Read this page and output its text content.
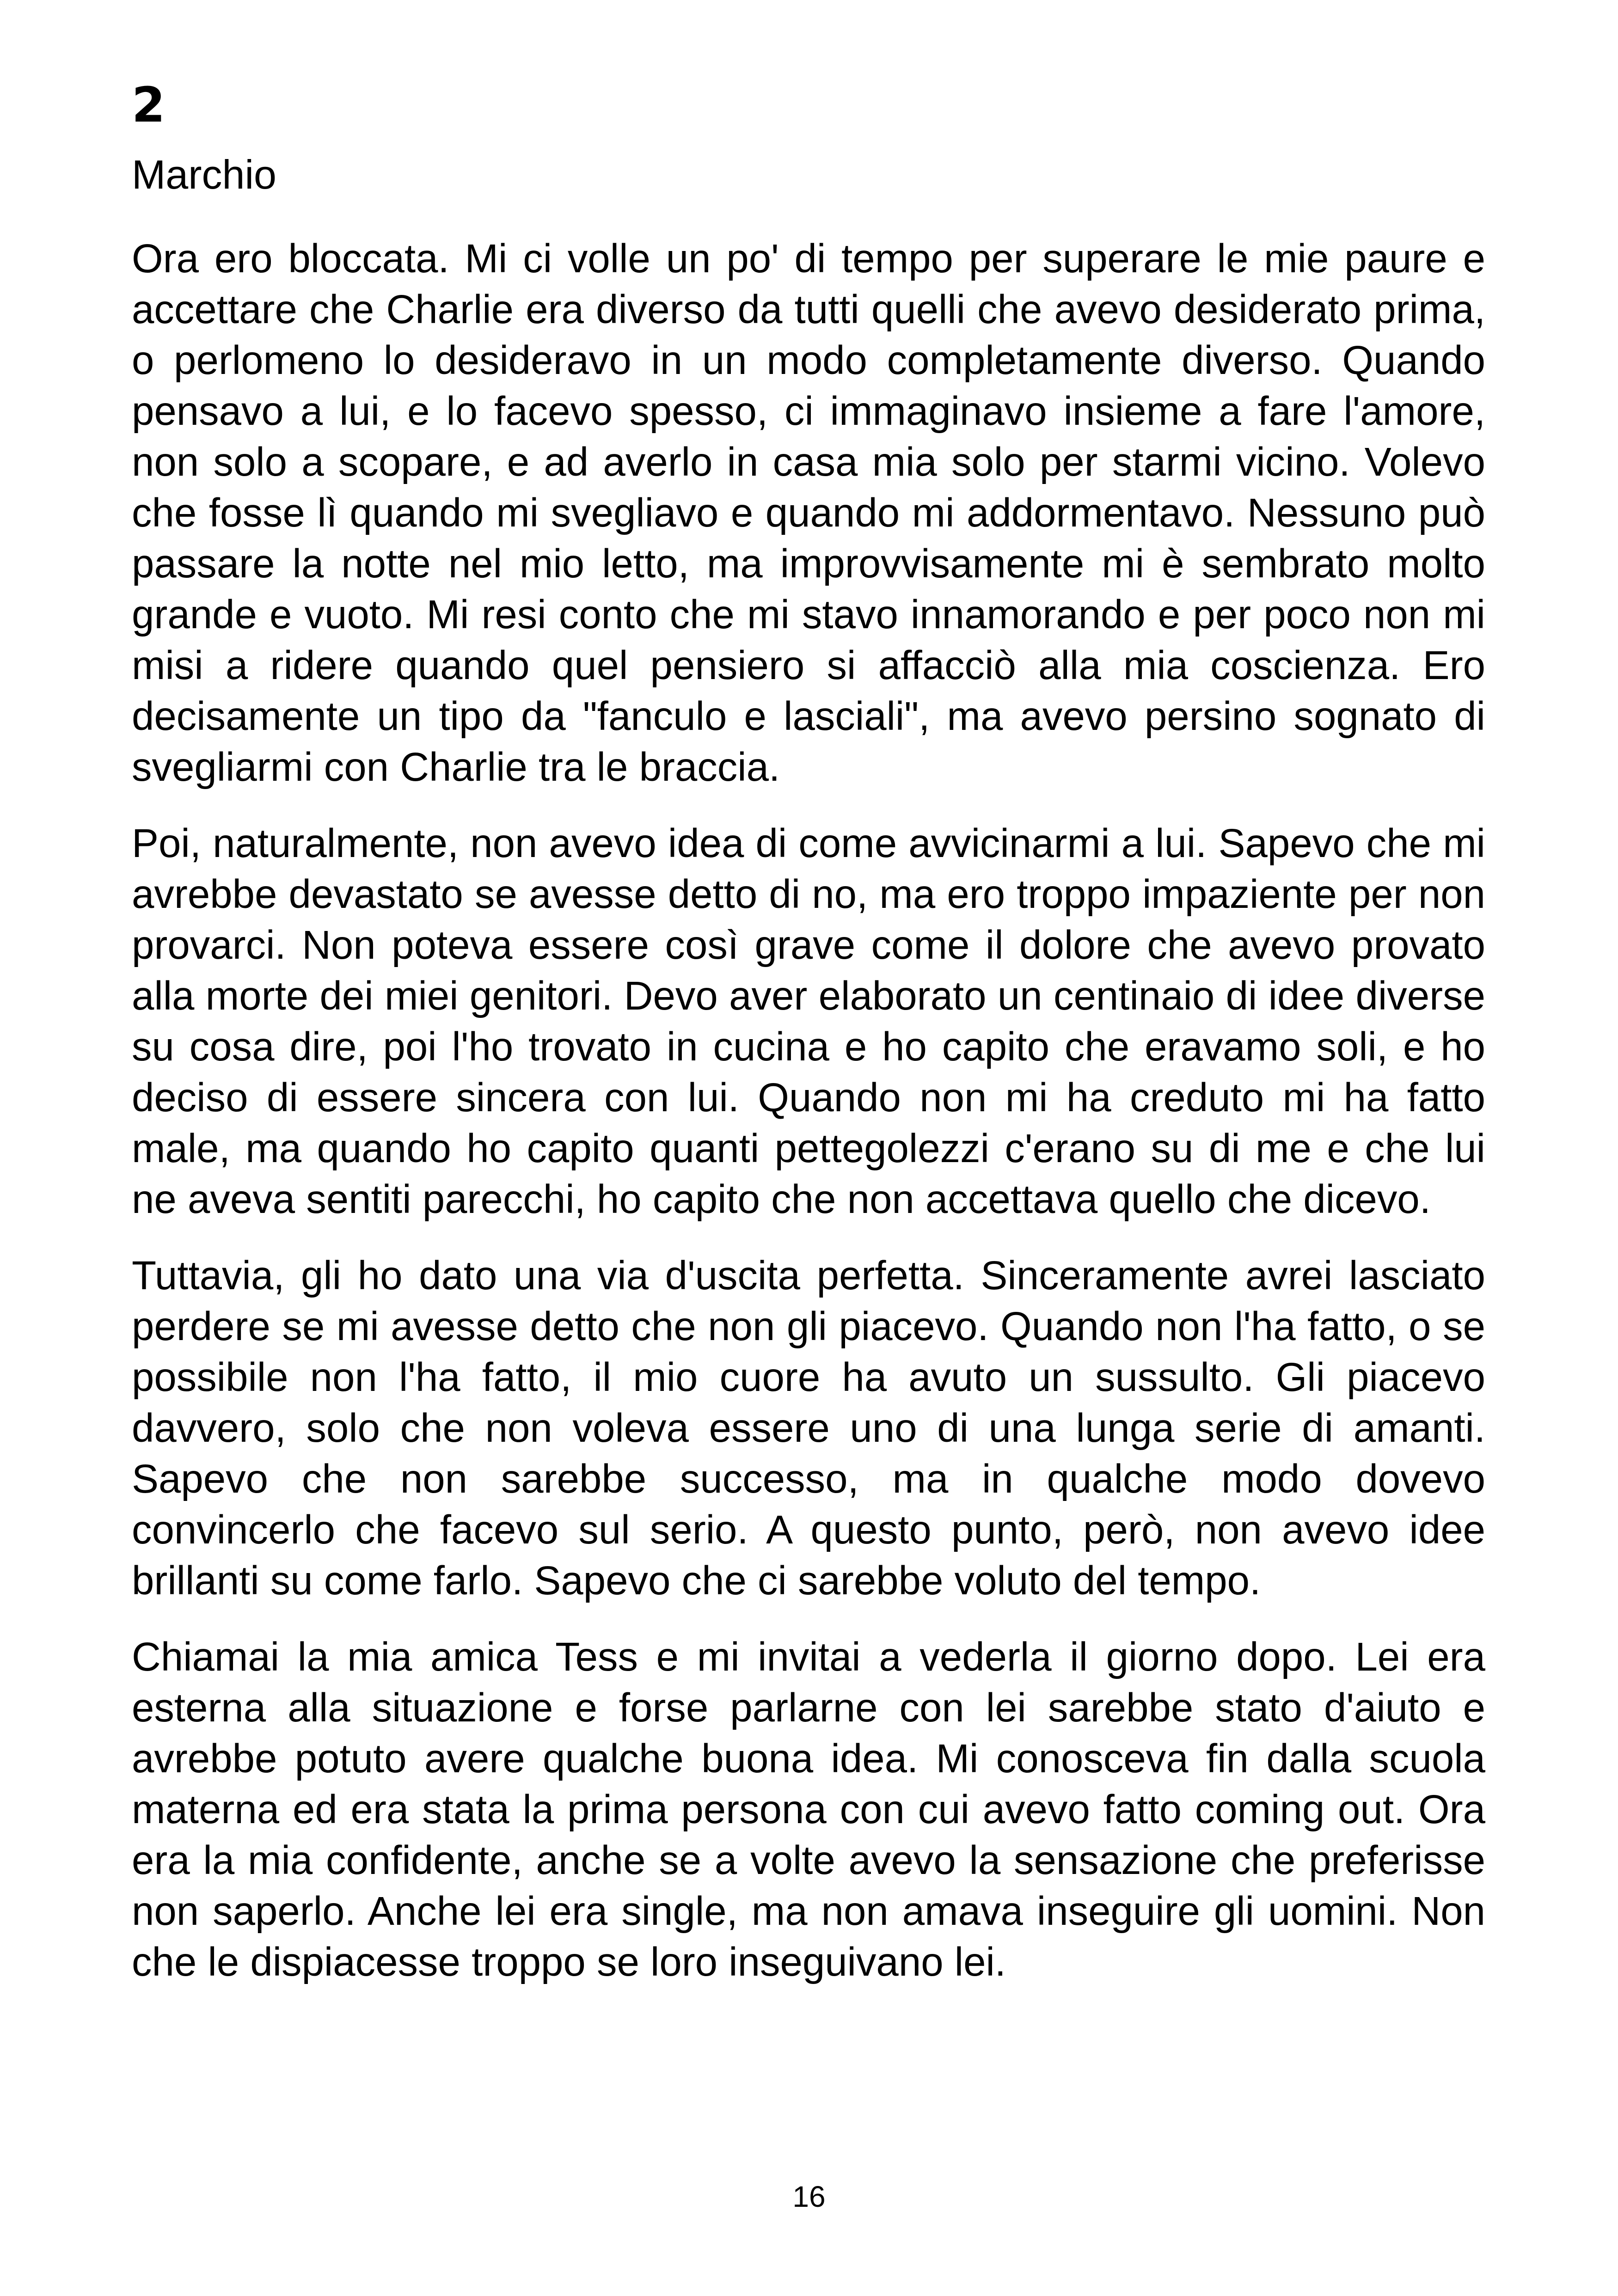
2
Marchio

Ora ero bloccata. Mi ci volle un po' di tempo per superare le mie paure e accettare che Charlie era diverso da tutti quelli che avevo desiderato prima, o perlomeno lo desideravo in un modo completamente diverso. Quando pensavo a lui, e lo facevo spesso, ci immaginavo insieme a fare l'amore, non solo a scopare, e ad averlo in casa mia solo per starmi vicino. Volevo che fosse lì quando mi svegliavo e quando mi addormentavo. Nessuno può passare la notte nel mio letto, ma improvvisamente mi è sembrato molto grande e vuoto. Mi resi conto che mi stavo innamorando e per poco non mi misi a ridere quando quel pensiero si affacciò alla mia coscienza. Ero decisamente un tipo da "fanculo e lasciali", ma avevo persino sognato di svegliarmi con Charlie tra le braccia.

Poi, naturalmente, non avevo idea di come avvicinarmi a lui. Sapevo che mi avrebbe devastato se avesse detto di no, ma ero troppo impaziente per non provarci. Non poteva essere così grave come il dolore che avevo provato alla morte dei miei genitori. Devo aver elaborato un centinaio di idee diverse su cosa dire, poi l'ho trovato in cucina e ho capito che eravamo soli, e ho deciso di essere sincera con lui. Quando non mi ha creduto mi ha fatto male, ma quando ho capito quanti pettegolezzi c'erano su di me e che lui ne aveva sentiti parecchi, ho capito che non accettava quello che dicevo.

Tuttavia, gli ho dato una via d'uscita perfetta. Sinceramente avrei lasciato perdere se mi avesse detto che non gli piacevo. Quando non l'ha fatto, o se possibile non l'ha fatto, il mio cuore ha avuto un sussulto. Gli piacevo davvero, solo che non voleva essere uno di una lunga serie di amanti. Sapevo che non sarebbe successo, ma in qualche modo dovevo convincerlo che facevo sul serio. A questo punto, però, non avevo idee brillanti su come farlo. Sapevo che ci sarebbe voluto del tempo.

Chiamai la mia amica Tess e mi invitai a vederla il giorno dopo. Lei era esterna alla situazione e forse parlarne con lei sarebbe stato d'aiuto e avrebbe potuto avere qualche buona idea. Mi conosceva fin dalla scuola materna ed era stata la prima persona con cui avevo fatto coming out. Ora era la mia confidente, anche se a volte avevo la sensazione che preferisse non saperlo. Anche lei era single, ma non amava inseguire gli uomini. Non che le dispiacesse troppo se loro inseguivano lei.

16
